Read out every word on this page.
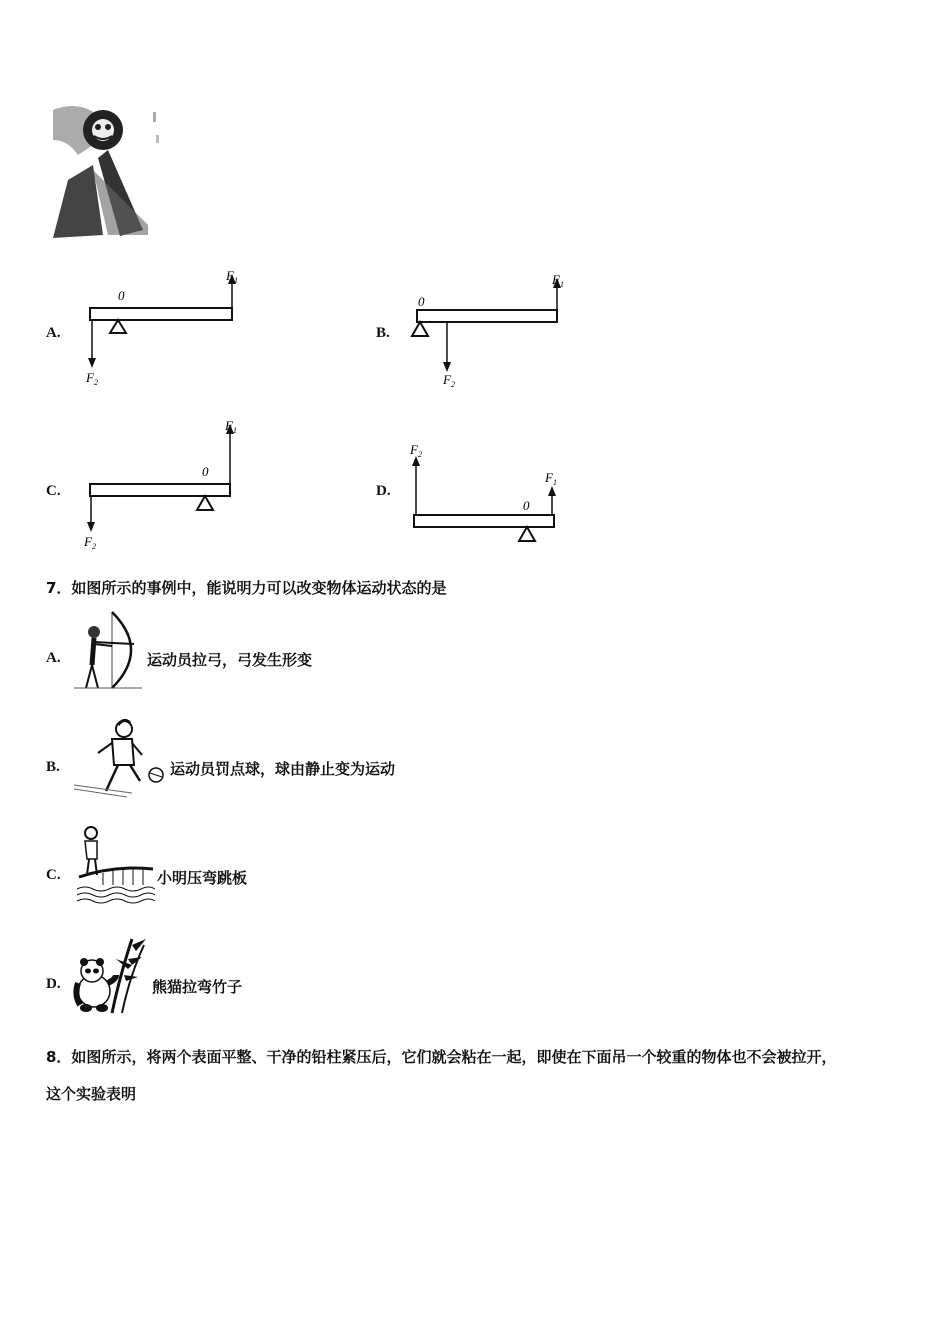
A.
0
$F_1$
$F_2$
B.
0
$F_1$
$F_2$
C.
0
$F_1$
$F_2$
D.
0
$F_2$
$F_1$
7．如图所示的事例中，能说明力可以改变物体运动状态的是
A.	运动员拉弓，弓发生形变
B.	运动员罚点球，球由静止变为运动
C.	小明压弯跳板
D.	熊猫拉弯竹子
8．如图所示，将两个表面平整、干净的铅柱紧压后，它们就会粘在一起，即使在下面吊一个较重的物体也不会被拉开，
这个实验表明
